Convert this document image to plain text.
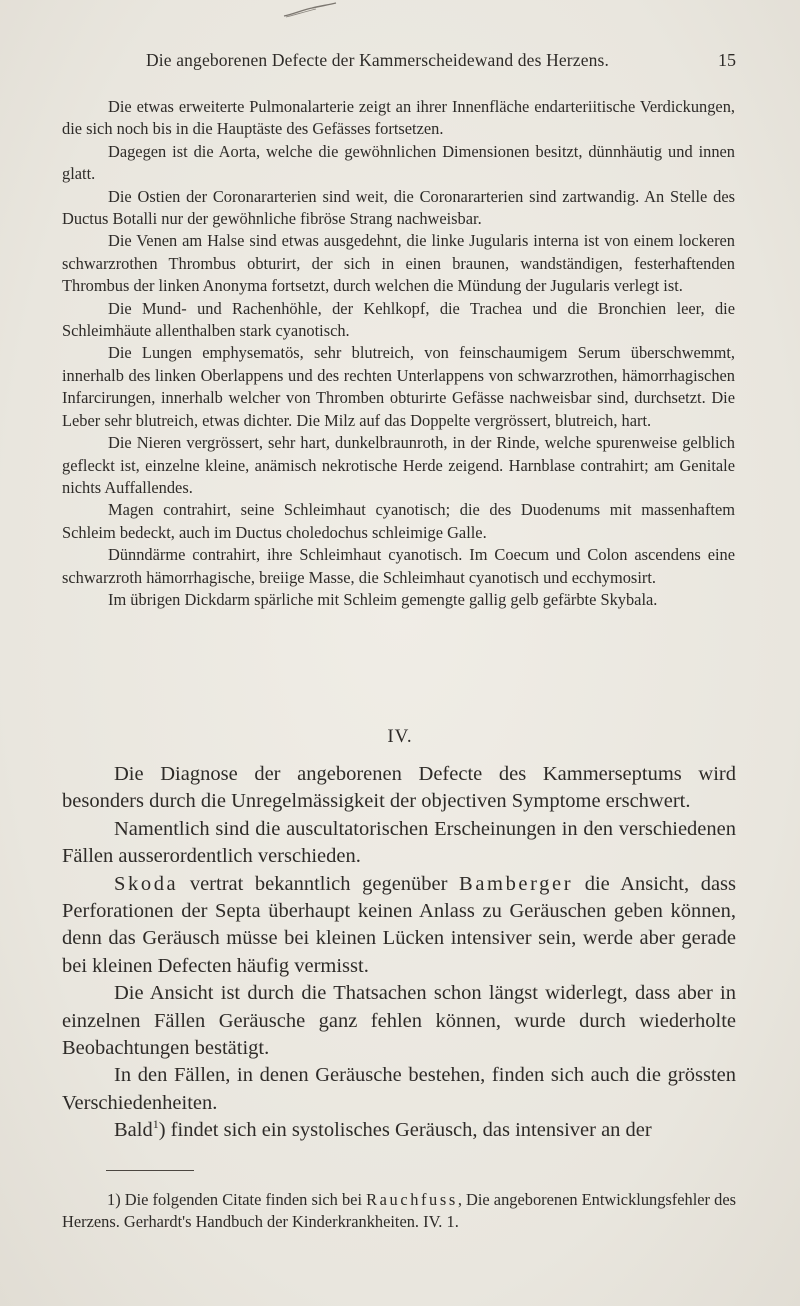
Die angeborenen Defecte der Kammerscheidewand des Herzens.	15

Die etwas erweiterte Pulmonalarterie zeigt an ihrer Innenfläche endarteriitische Verdickungen, die sich noch bis in die Hauptäste des Gefässes fortsetzen.

Dagegen ist die Aorta, welche die gewöhnlichen Dimensionen besitzt, dünnhäutig und innen glatt.

Die Ostien der Coronararterien sind weit, die Coronararterien sind zartwandig. An Stelle des Ductus Botalli nur der gewöhnliche fibröse Strang nachweisbar.

Die Venen am Halse sind etwas ausgedehnt, die linke Jugularis interna ist von einem lockeren schwarzrothen Thrombus obturirt, der sich in einen braunen, wandständigen, festerhaftenden Thrombus der linken Anonyma fortsetzt, durch welchen die Mündung der Jugularis verlegt ist.

Die Mund- und Rachenhöhle, der Kehlkopf, die Trachea und die Bronchien leer, die Schleimhäute allenthalben stark cyanotisch.

Die Lungen emphysematös, sehr blutreich, von feinschaumigem Serum überschwemmt, innerhalb des linken Oberlappens und des rechten Unterlappens von schwarzrothen, hämorrhagischen Infarcirungen, innerhalb welcher von Thromben obturirte Gefässe nachweisbar sind, durchsetzt. Die Leber sehr blutreich, etwas dichter. Die Milz auf das Doppelte vergrössert, blutreich, hart.

Die Nieren vergrössert, sehr hart, dunkelbraunroth, in der Rinde, welche spurenweise gelblich gefleckt ist, einzelne kleine, anämisch nekrotische Herde zeigend. Harnblase contrahirt; am Genitale nichts Auffallendes.

Magen contrahirt, seine Schleimhaut cyanotisch; die des Duodenums mit massenhaftem Schleim bedeckt, auch im Ductus choledochus schleimige Galle.

Dünndärme contrahirt, ihre Schleimhaut cyanotisch. Im Coecum und Colon ascendens eine schwarzroth hämorrhagische, breiige Masse, die Schleimhaut cyanotisch und ecchymosirt.

Im übrigen Dickdarm spärliche mit Schleim gemengte gallig gelb gefärbte Skybala.

IV.

Die Diagnose der angeborenen Defecte des Kammerseptums wird besonders durch die Unregelmässigkeit der objectiven Symptome erschwert.

Namentlich sind die auscultatorischen Erscheinungen in den verschiedenen Fällen ausserordentlich verschieden.

Skoda vertrat bekanntlich gegenüber Bamberger die Ansicht, dass Perforationen der Septa überhaupt keinen Anlass zu Geräuschen geben können, denn das Geräusch müsse bei kleinen Lücken intensiver sein, werde aber gerade bei kleinen Defecten häufig vermisst.

Die Ansicht ist durch die Thatsachen schon längst widerlegt, dass aber in einzelnen Fällen Geräusche ganz fehlen können, wurde durch wiederholte Beobachtungen bestätigt.

In den Fällen, in denen Geräusche bestehen, finden sich auch die grössten Verschiedenheiten.

Bald$^1$) findet sich ein systolisches Geräusch, das intensiver an der

1) Die folgenden Citate finden sich bei Rauchfuss, Die angeborenen Entwicklungsfehler des Herzens. Gerhardt's Handbuch der Kinderkrankheiten. IV. 1.
